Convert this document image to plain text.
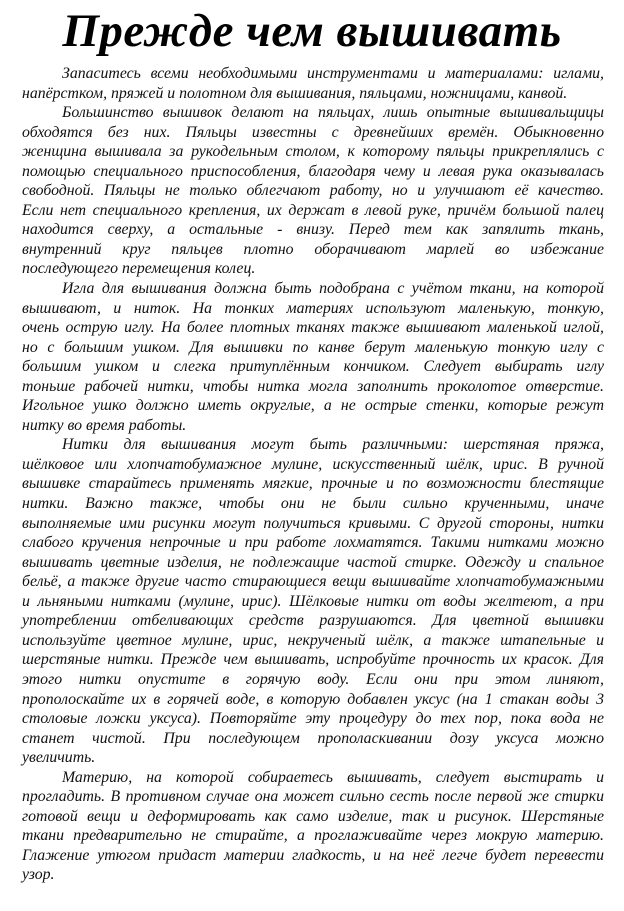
Прежде чем вышивать
Запаситесь всеми необходимыми инструментами и материалами: иглами,
напёрстком, пряжей и полотном для вышивания, пяльцами, ножницами, канвой.
Большинство вышивок делают на пяльцах, лишь опытные вышивальщицы
обходятся без них. Пяльцы известны с древнейших времён. Обыкновенно
женщина вышивала за рукодельным столом, к которому пяльцы прикреплялись с
помощью специального приспособления, благодаря чему и левая рука оказывалась
свободной. Пяльцы не только облегчают работу, но и улучшают её качество.
Если нет специального крепления, их держат в левой руке, причём большой палец
находится сверху, а остальные - внизу. Перед тем как запялить ткань,
внутренний круг пяльцев плотно оборачивают марлей во избежание
последующего перемещения колец.
Игла для вышивания должна быть подобрана с учётом ткани, на которой
вышивают, и ниток. На тонких материях используют маленькую, тонкую,
очень острую иглу. На более плотных тканях также вышивают маленькой иглой,
но с большим ушком. Для вышивки по канве берут маленькую тонкую иглу с
большим ушком и слегка притуплённым кончиком. Следует выбирать иглу
тоньше рабочей нитки, чтобы нитка могла заполнить проколотое отверстие.
Игольное ушко должно иметь округлые, а не острые стенки, которые режут
нитку во время работы.
Нитки для вышивания могут быть различными: шерстяная пряжа,
шёлковое или хлопчатобумажное мулине, искусственный шёлк, ирис. В ручной
вышивке старайтесь применять мягкие, прочные и по возможности блестящие
нитки. Важно также, чтобы они не были сильно крученными, иначе
выполняемые ими рисунки могут получиться кривыми. С другой стороны, нитки
слабого кручения непрочные и при работе лохматятся. Такими нитками можно
вышивать цветные изделия, не подлежащие частой стирке. Одежду и спальное
бельё, а также другие часто стирающиеся вещи вышивайте хлопчатобумажными
и льняными нитками (мулине, ирис). Шёлковые нитки от воды желтеют, а при
употреблении отбеливающих средств разрушаются. Для цветной вышивки
используйте цветное мулине, ирис, некрученый шёлк, а также штапельные и
шерстяные нитки. Прежде чем вышивать, испробуйте прочность их красок. Для
этого нитки опустите в горячую воду. Если они при этом линяют,
прополоскайте их в горячей воде, в которую добавлен уксус (на 1 стакан воды 3
столовые ложки уксуса). Повторяйте эту процедуру до тех пор, пока вода не
станет чистой. При последующем прополаскивании дозу уксуса можно
увеличить.
Материю, на которой собираетесь вышивать, следует выстирать и
прогладить. В противном случае она может сильно сесть после первой же стирки
готовой вещи и деформировать как само изделие, так и рисунок. Шерстяные
ткани предварительно не стирайте, а проглаживайте через мокрую материю.
Глажение утюгом придаст материи гладкость, и на неё легче будет перевести
узор.
